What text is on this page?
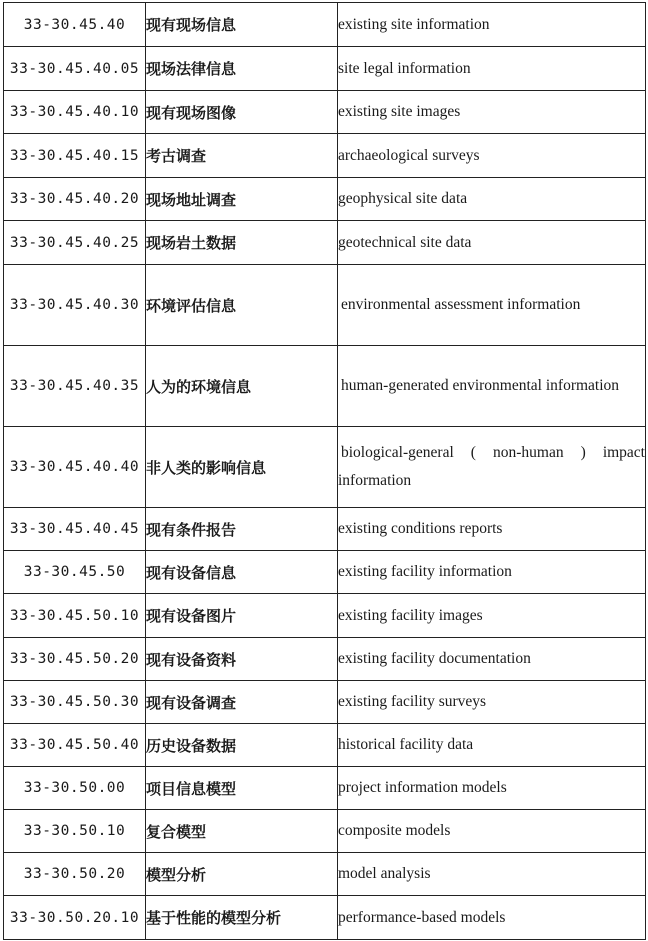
33-30.45.40	现有现场信息	existing site information
33-30.45.40.05	现场法律信息	site legal information
33-30.45.40.10	现有现场图像	existing site images
33-30.45.40.15	考古调查	archaeological surveys
33-30.45.40.20	现场地址调查	geophysical site data
33-30.45.40.25	现场岩土数据	geotechnical site data
33-30.45.40.30	环境评估信息	environmental assessment information
33-30.45.40.35	人为的环境信息	human-generated environmental information
33-30.45.40.40	非人类的影响信息	biological-general ( non-human ) impact information
33-30.45.40.45	现有条件报告	existing conditions reports
33-30.45.50	现有设备信息	existing facility information
33-30.45.50.10	现有设备图片	existing facility images
33-30.45.50.20	现有设备资料	existing facility documentation
33-30.45.50.30	现有设备调查	existing facility surveys
33-30.45.50.40	历史设备数据	historical facility data
33-30.50.00	项目信息模型	project information models
33-30.50.10	复合模型	composite models
33-30.50.20	模型分析	model analysis
33-30.50.20.10	基于性能的模型分析	performance-based models
